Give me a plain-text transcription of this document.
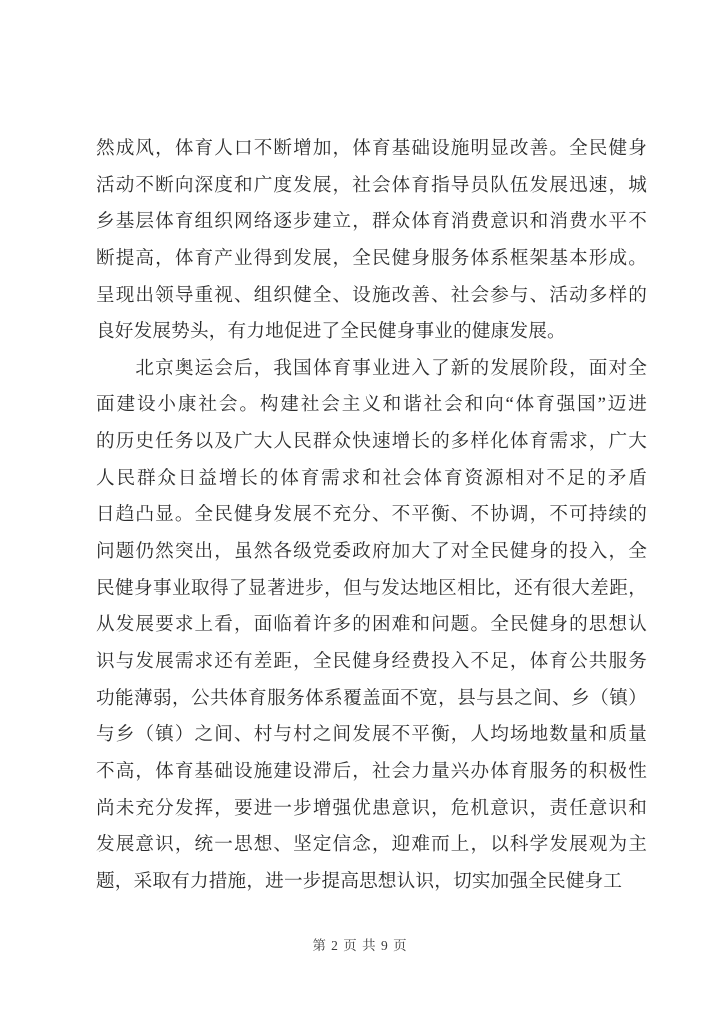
然成风，体育人口不断增加，体育基础设施明显改善。全民健身
活动不断向深度和广度发展，社会体育指导员队伍发展迅速，城
乡基层体育组织网络逐步建立，群众体育消费意识和消费水平不
断提高，体育产业得到发展，全民健身服务体系框架基本形成。
呈现出领导重视、组织健全、设施改善、社会参与、活动多样的
良好发展势头，有力地促进了全民健身事业的健康发展。
　　北京奥运会后，我国体育事业进入了新的发展阶段，面对全
面建设小康社会。构建社会主义和谐社会和向“体育强国”迈进
的历史任务以及广大人民群众快速增长的多样化体育需求，广大
人民群众日益增长的体育需求和社会体育资源相对不足的矛盾
日趋凸显。全民健身发展不充分、不平衡、不协调，不可持续的
问题仍然突出，虽然各级党委政府加大了对全民健身的投入，全
民健身事业取得了显著进步，但与发达地区相比，还有很大差距，
从发展要求上看，面临着许多的困难和问题。全民健身的思想认
识与发展需求还有差距，全民健身经费投入不足，体育公共服务
功能薄弱，公共体育服务体系覆盖面不宽，县与县之间、乡（镇）
与乡（镇）之间、村与村之间发展不平衡，人均场地数量和质量
不高，体育基础设施建设滞后，社会力量兴办体育服务的积极性
尚未充分发挥，要进一步增强优患意识，危机意识，责任意识和
发展意识，统一思想、坚定信念，迎难而上，以科学发展观为主
题，采取有力措施，进一步提高思想认识，切实加强全民健身工
第 2 页 共 9 页
